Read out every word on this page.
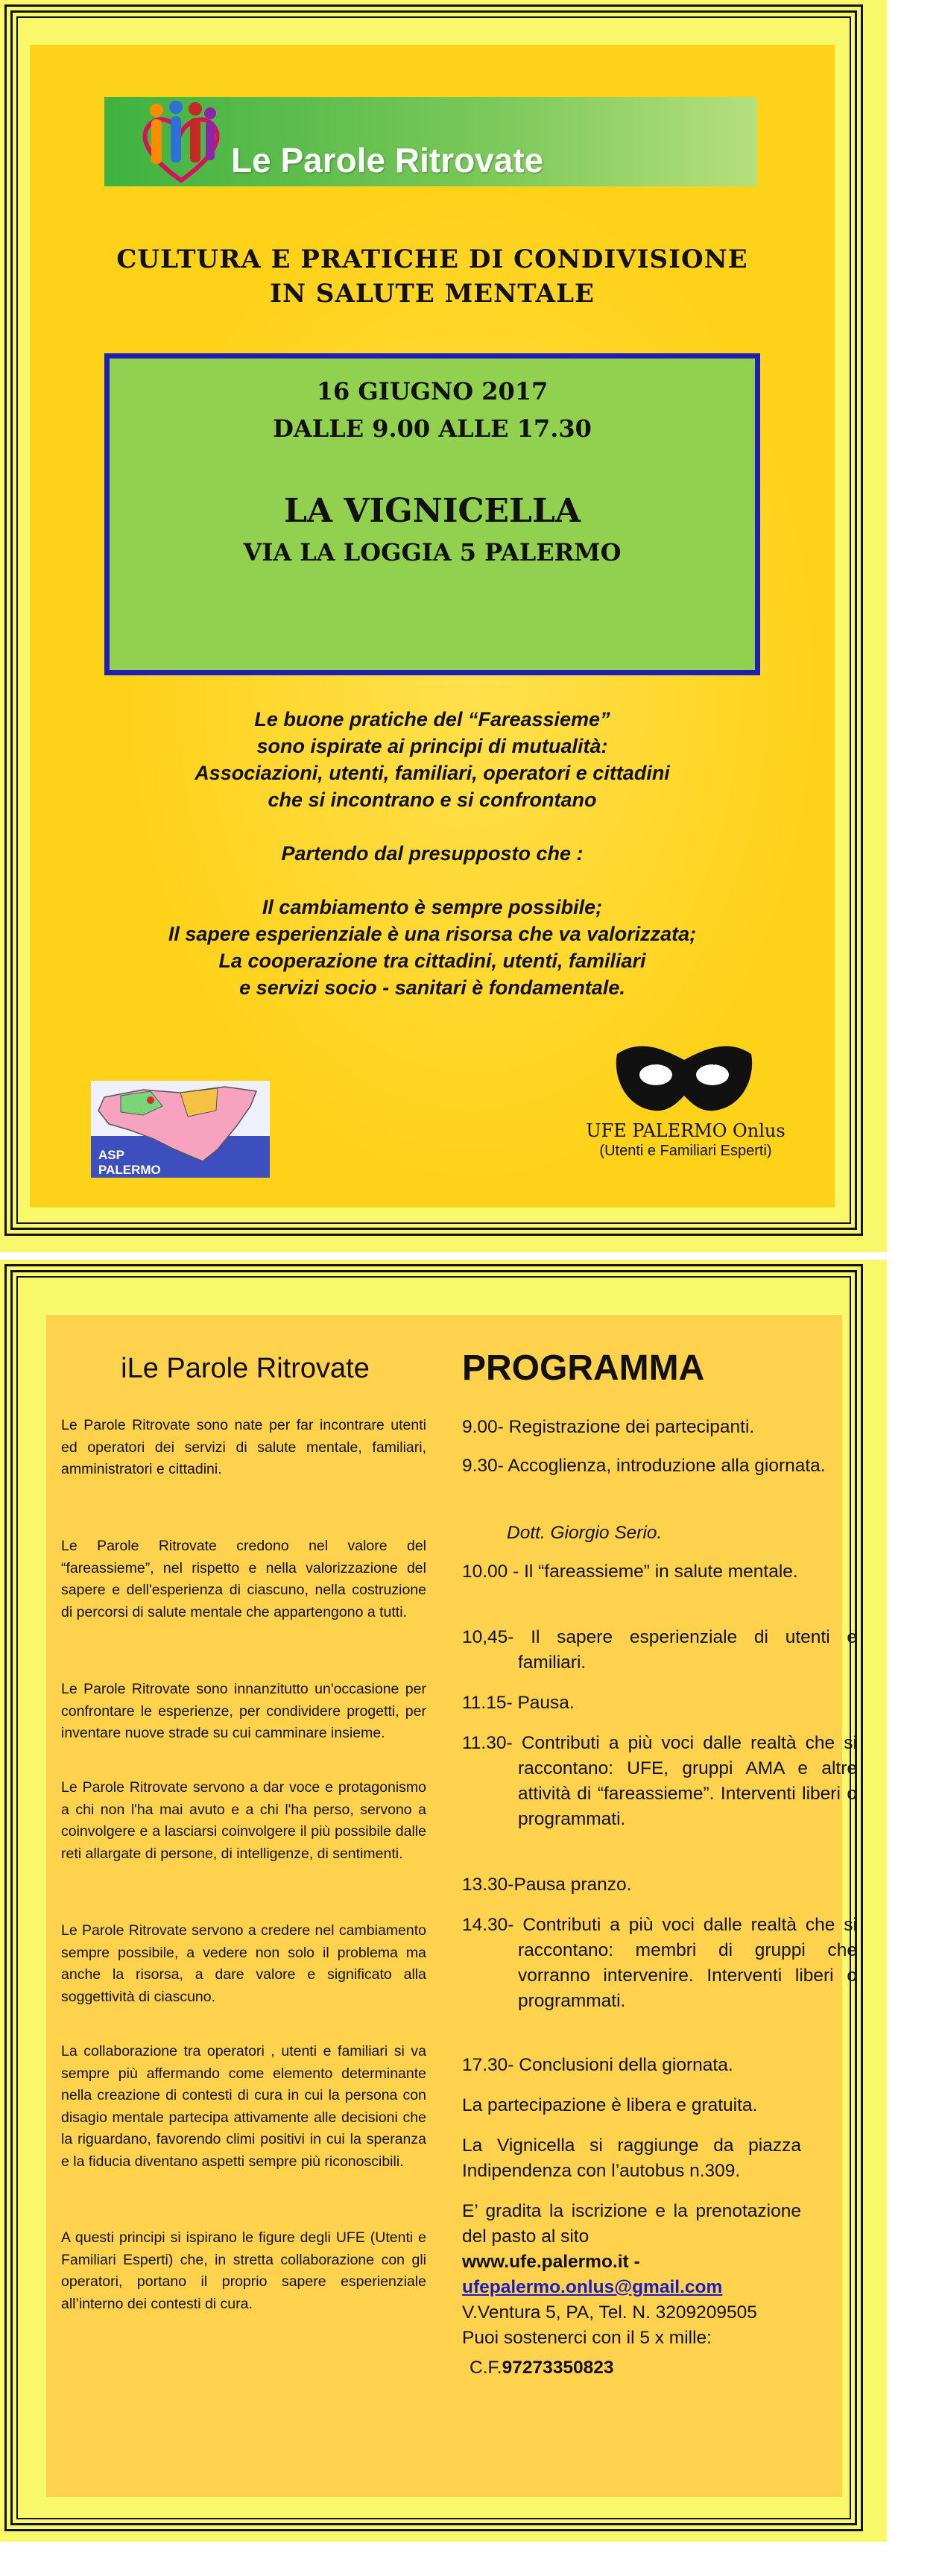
Le Parole Ritrovate
CULTURA E PRATICHE DI CONDIVISIONE
IN SALUTE MENTALE
16 GIUGNO 2017
DALLE 9.00 ALLE 17.30
LA VIGNICELLA
VIA LA LOGGIA 5 PALERMO
Le buone pratiche del “Fareassieme”
sono ispirate ai principi di mutualità:
Associazioni, utenti, familiari, operatori e cittadini
che si incontrano e si confrontano
Partendo dal presupposto che :
Il cambiamento è sempre possibile;
Il sapere esperienziale è una risorsa che va valorizzata;
La cooperazione tra cittadini, utenti, familiari
e servizi socio - sanitari è fondamentale.
ASP
PALERMO
UFE PALERMO Onlus
(Utenti e Familiari Esperti)
iLe Parole Ritrovate

Le Parole Ritrovate sono nate per far incontrare utenti ed operatori dei servizi di salute mentale, familiari, amministratori e cittadini.

Le Parole Ritrovate credono nel valore del “fareassieme”, nel rispetto e nella valorizzazione del sapere e dell'esperienza di ciascuno, nella costruzione di percorsi di salute mentale che appartengono a tutti.

Le Parole Ritrovate sono innanzitutto un'occasione per confrontare le esperienze, per condividere progetti, per inventare nuove strade su cui camminare insieme.

Le Parole Ritrovate servono a dar voce e protagonismo a chi non l'ha mai avuto e a chi l'ha perso, servono a coinvolgere e a lasciarsi coinvolgere il più possibile dalle reti allargate di persone, di intelligenze, di sentimenti.

Le Parole Ritrovate servono a credere nel cambiamento sempre possibile, a vedere non solo il problema ma anche la risorsa, a dare valore e significato alla soggettività di ciascuno.

La collaborazione tra operatori , utenti e familiari si va sempre più affermando come elemento determinante nella creazione di contesti di cura in cui la persona con disagio mentale partecipa attivamente alle decisioni che la riguardano, favorendo climi positivi in cui la speranza e la fiducia diventano aspetti sempre più riconoscibili.

A questi principi si ispirano le figure degli UFE (Utenti e Familiari Esperti) che, in stretta collaborazione con gli operatori, portano il proprio sapere esperienziale all’interno dei contesti di cura.

PROGRAMMA

9.00- Registrazione dei partecipanti.

9.30- Accoglienza, introduzione alla giornata.

Dott. Giorgio Serio.

10.00 - Il “fareassieme” in salute mentale.

10,45- Il sapere esperienziale di utenti e familiari.

11.15- Pausa.

11.30- Contributi a più voci dalle realtà che si raccontano: UFE, gruppi AMA e altre attività di “fareassieme”. Interventi liberi o programmati.

13.30-Pausa pranzo.

14.30- Contributi a più voci dalle realtà che si raccontano: membri di gruppi che vorranno intervenire. Interventi liberi o programmati.

17.30- Conclusioni della giornata.

La partecipazione è libera e gratuita.

La Vignicella si raggiunge da piazza Indipendenza con l’autobus n.309.

E’ gradita la iscrizione e la prenotazione del pasto al sito

www.ufe.palermo.it -

ufepalermo.onlus@gmail.com

V.Ventura 5, PA, Tel. N. 3209209505

Puoi sostenerci con il 5 x mille:

C.F.97273350823
